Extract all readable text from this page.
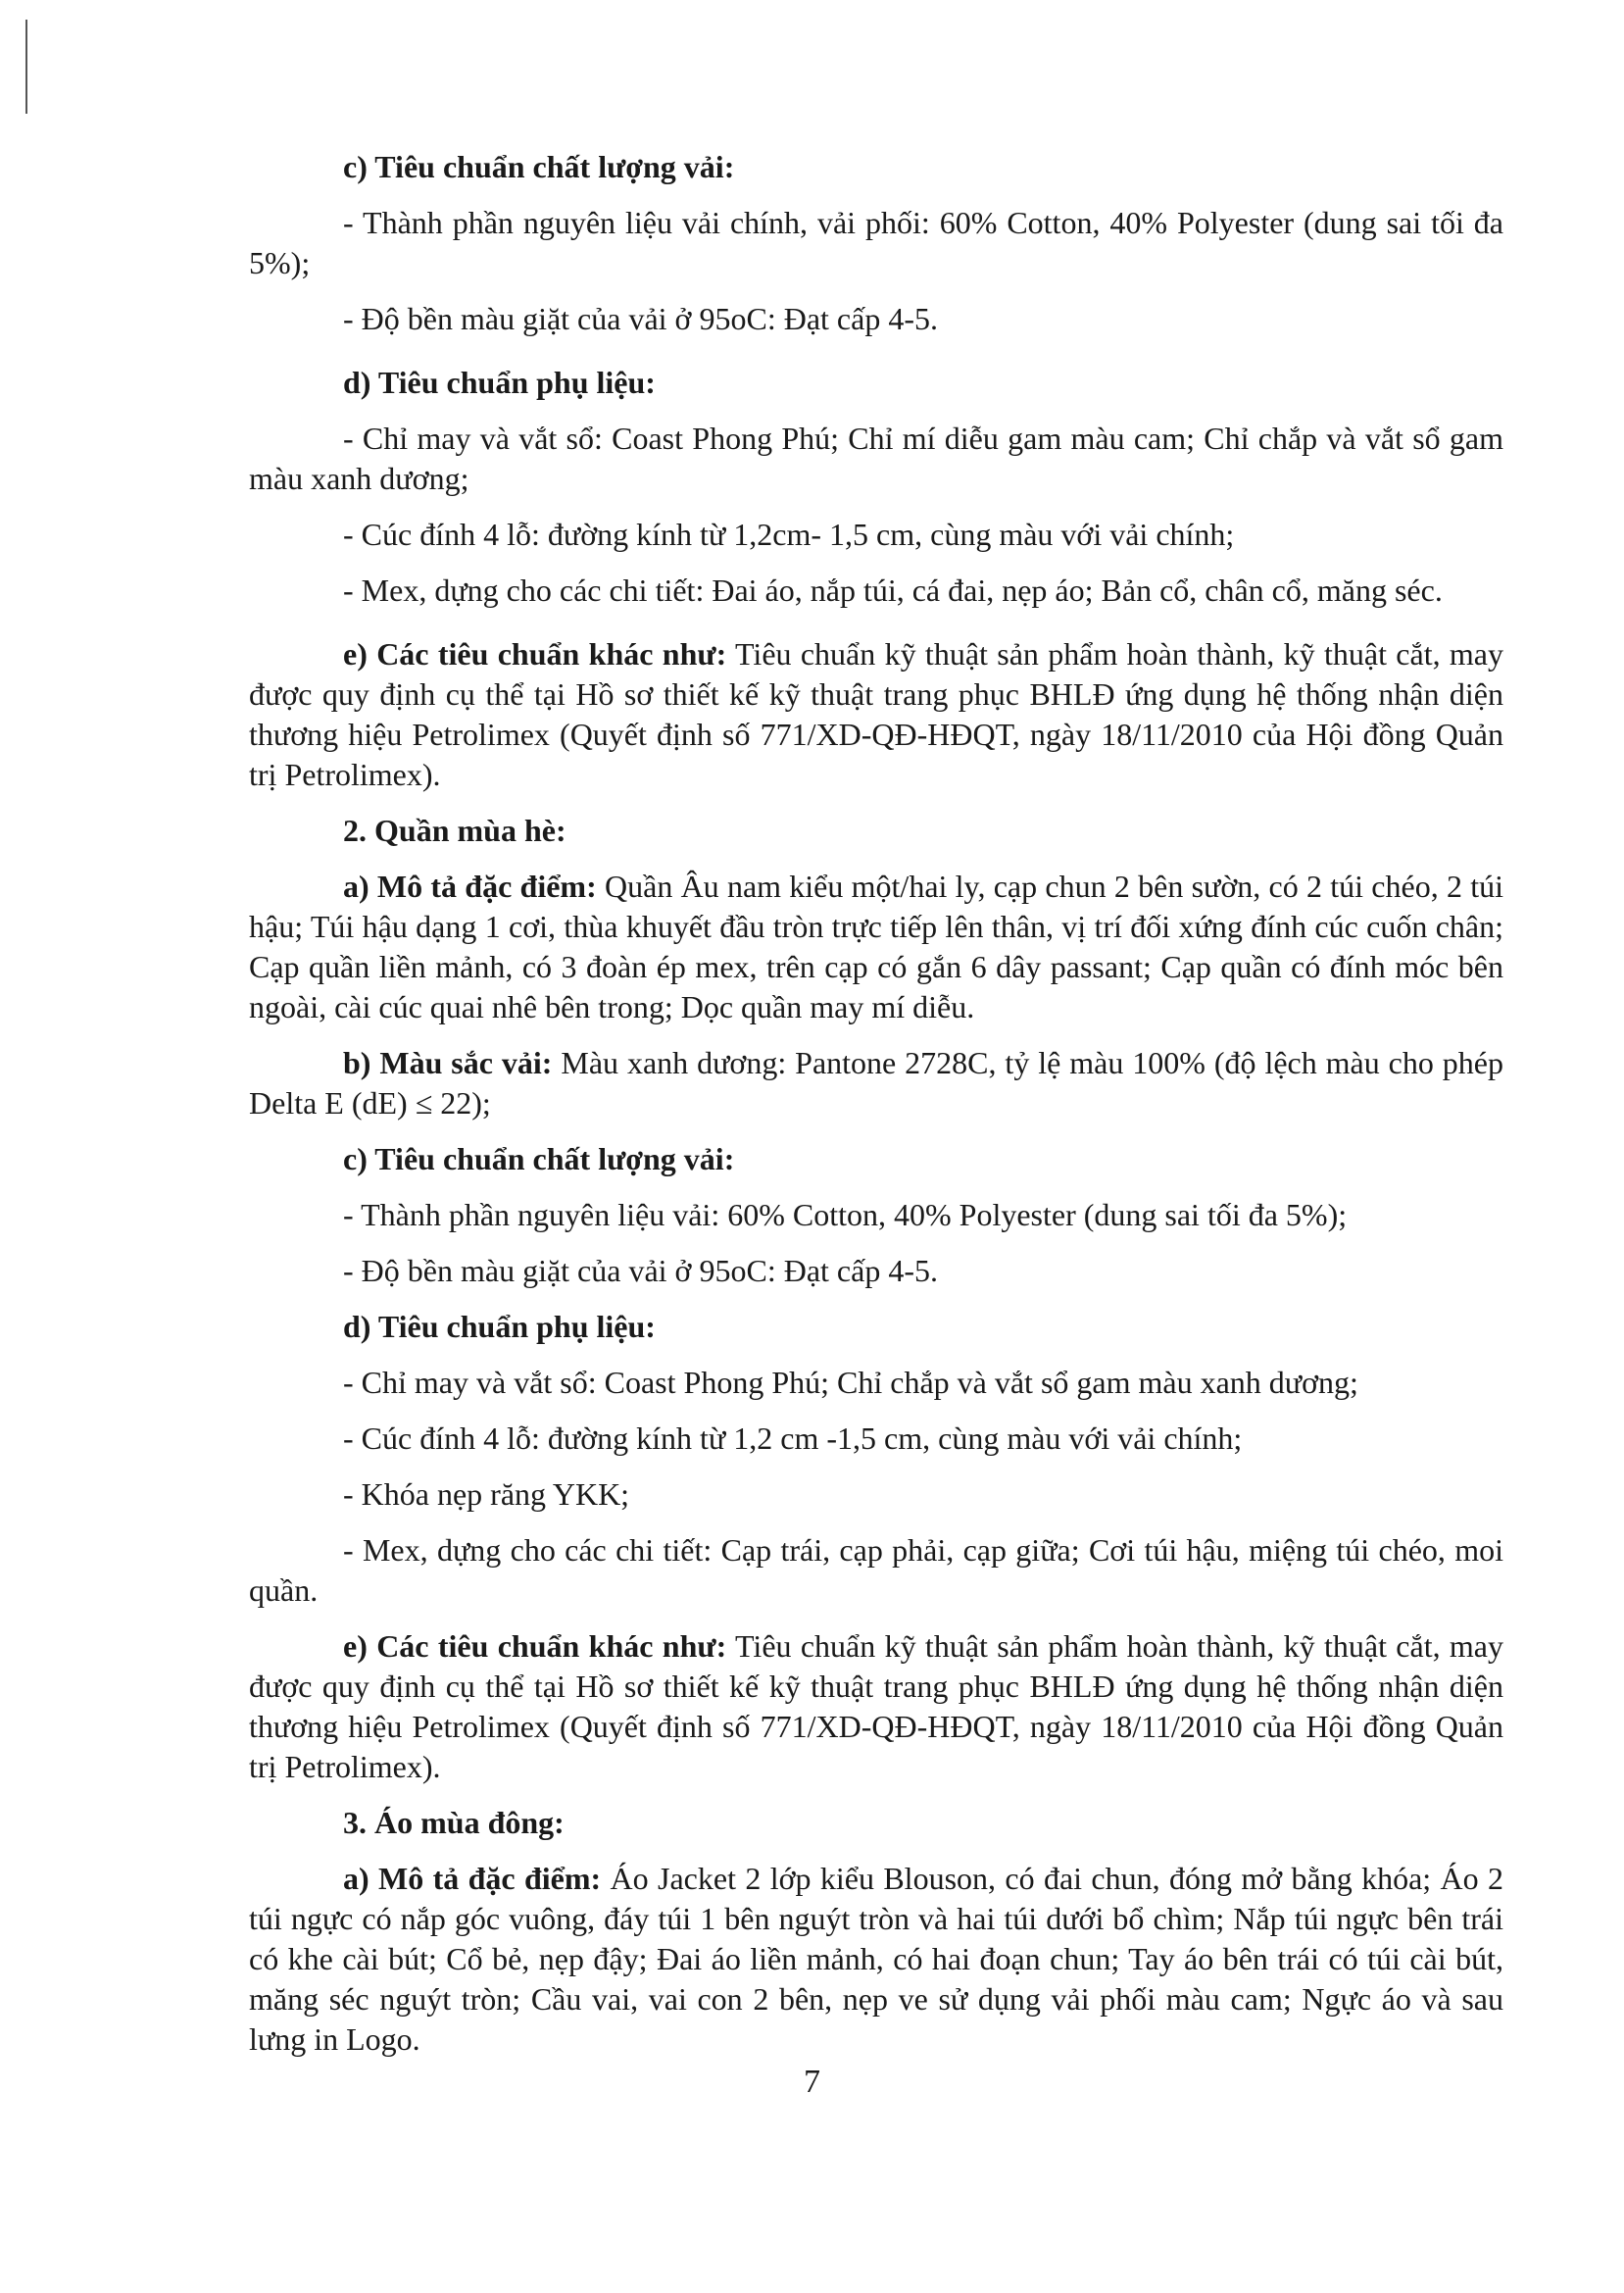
c) Tiêu chuẩn chất lượng vải:

- Thành phần nguyên liệu vải chính, vải phối: 60% Cotton, 40% Polyester (dung sai tối đa 5%);

- Độ bền màu giặt của vải ở 95oC: Đạt cấp 4-5.

d) Tiêu chuẩn phụ liệu:

- Chỉ may và vắt sổ: Coast Phong Phú; Chỉ mí diễu gam màu cam; Chỉ chắp và vắt sổ gam màu xanh dương;

- Cúc đính 4 lỗ: đường kính từ 1,2cm- 1,5 cm, cùng màu với vải chính;

- Mex, dựng cho các chi tiết: Đai áo, nắp túi, cá đai, nẹp áo; Bản cổ, chân cổ, măng séc.

e) Các tiêu chuẩn khác như: Tiêu chuẩn kỹ thuật sản phẩm hoàn thành, kỹ thuật cắt, may được quy định cụ thể tại Hồ sơ thiết kế kỹ thuật trang phục BHLĐ ứng dụng hệ thống nhận diện thương hiệu Petrolimex (Quyết định số 771/XD-QĐ-HĐQT, ngày 18/11/2010 của Hội đồng Quản trị Petrolimex).

2. Quần mùa hè:

a) Mô tả đặc điểm: Quần Âu nam kiểu một/hai ly, cạp chun 2 bên sườn, có 2 túi chéo, 2 túi hậu; Túi hậu dạng 1 cơi, thùa khuyết đầu tròn trực tiếp lên thân, vị trí đối xứng đính cúc cuốn chân; Cạp quần liền mảnh, có 3 đoàn ép mex, trên cạp có gắn 6 dây passant; Cạp quần có đính móc bên ngoài, cài cúc quai nhê bên trong; Dọc quần may mí diễu.

b) Màu sắc vải: Màu xanh dương: Pantone 2728C, tỷ lệ màu 100% (độ lệch màu cho phép Delta E (dE) ≤ 22);

c) Tiêu chuẩn chất lượng vải:

- Thành phần nguyên liệu vải: 60% Cotton, 40% Polyester (dung sai tối đa 5%);

- Độ bền màu giặt của vải ở 95oC: Đạt cấp 4-5.

d) Tiêu chuẩn phụ liệu:

- Chỉ may và vắt sổ: Coast Phong Phú; Chỉ chắp và vắt sổ gam màu xanh dương;

- Cúc đính 4 lỗ: đường kính từ 1,2 cm -1,5 cm, cùng màu với vải chính;

- Khóa nẹp răng YKK;

- Mex, dựng cho các chi tiết: Cạp trái, cạp phải, cạp giữa; Cơi túi hậu, miệng túi chéo, moi quần.

e) Các tiêu chuẩn khác như: Tiêu chuẩn kỹ thuật sản phẩm hoàn thành, kỹ thuật cắt, may được quy định cụ thể tại Hồ sơ thiết kế kỹ thuật trang phục BHLĐ ứng dụng hệ thống nhận diện thương hiệu Petrolimex (Quyết định số 771/XD-QĐ-HĐQT, ngày 18/11/2010 của Hội đồng Quản trị Petrolimex).

3. Áo mùa đông:

a) Mô tả đặc điểm: Áo Jacket 2 lớp kiểu Blouson, có đai chun, đóng mở bằng khóa; Áo 2 túi ngực có nắp góc vuông, đáy túi 1 bên nguýt tròn và hai túi dưới bổ chìm; Nắp túi ngực bên trái có khe cài bút; Cổ bẻ, nẹp đậy; Đai áo liền mảnh, có hai đoạn chun; Tay áo bên trái có túi cài bút, măng séc nguýt tròn; Cầu vai, vai con 2 bên, nẹp ve sử dụng vải phối màu cam; Ngực áo và sau lưng in Logo.

7
